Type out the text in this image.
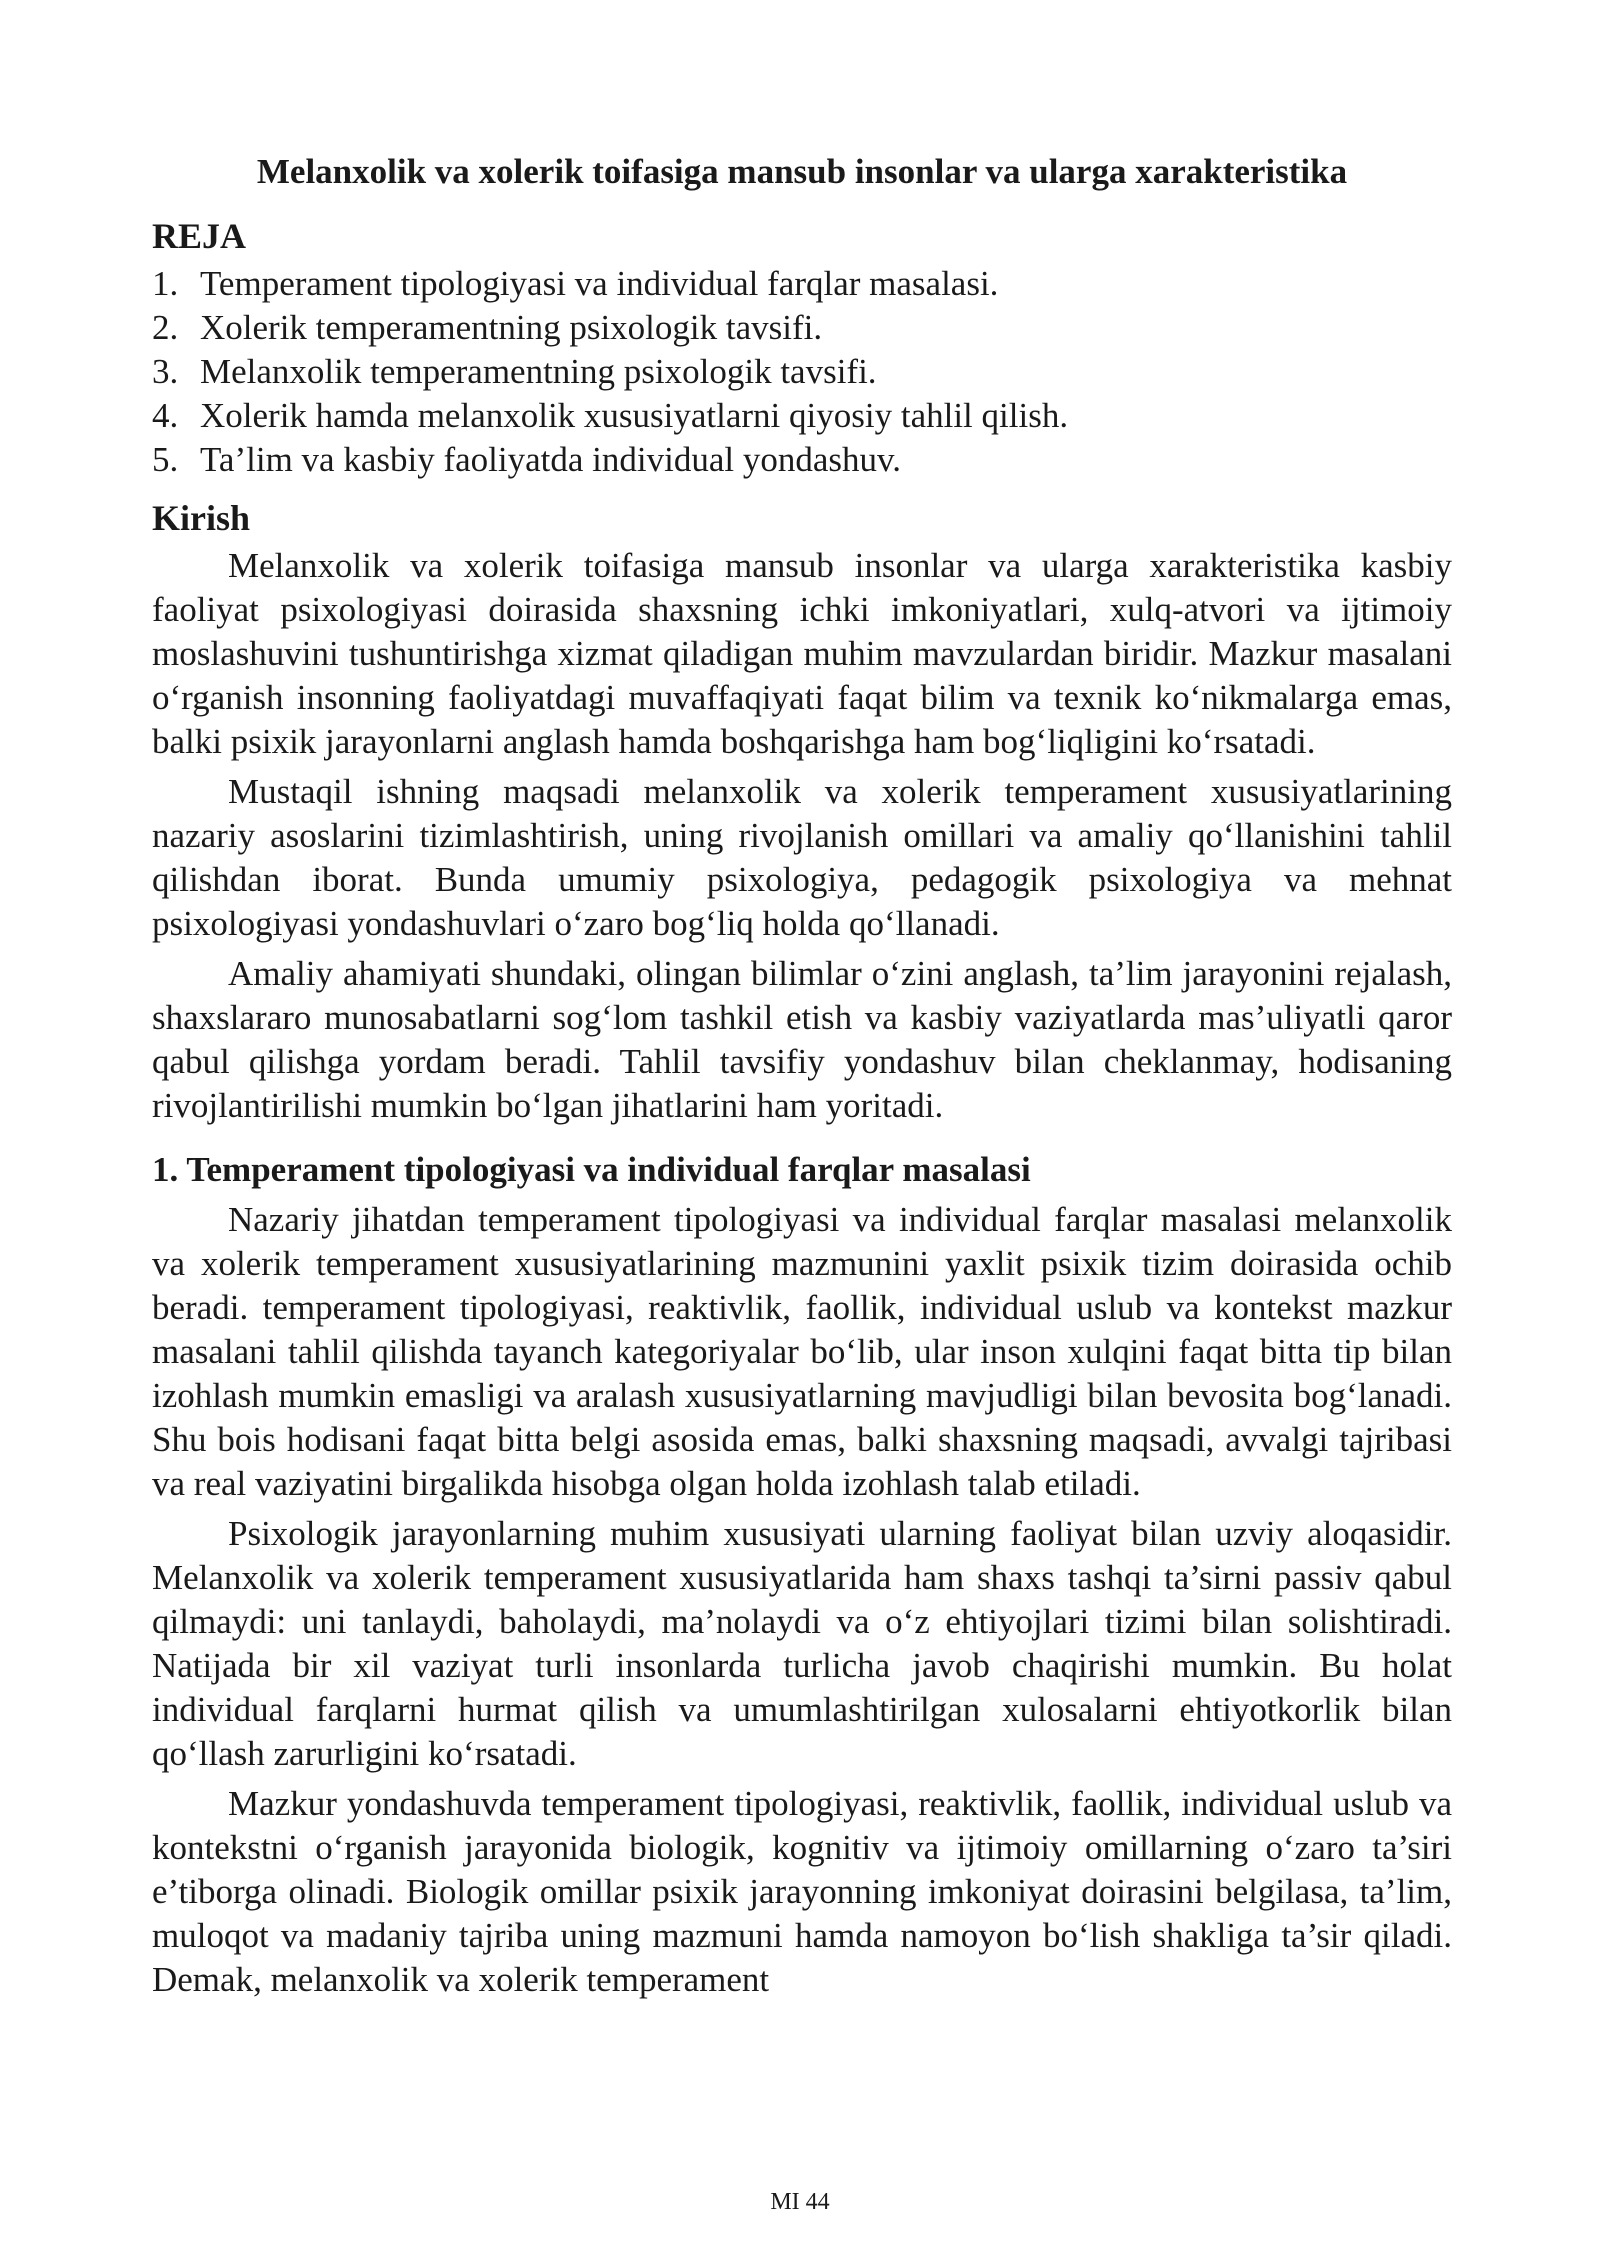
Melanxolik va xolerik toifasiga mansub insonlar va ularga xarakteristika
REJA
1. Temperament tipologiyasi va individual farqlar masalasi.
2. Xolerik temperamentning psixologik tavsifi.
3. Melanxolik temperamentning psixologik tavsifi.
4. Xolerik hamda melanxolik xususiyatlarni qiyosiy tahlil qilish.
5. Ta’lim va kasbiy faoliyatda individual yondashuv.
Kirish

Melanxolik va xolerik toifasiga mansub insonlar va ularga xarakteristika kasbiy faoliyat psixologiyasi doirasida shaxsning ichki imkoniyatlari, xulq-atvori va ijtimoiy moslashuvini tushuntirishga xizmat qiladigan muhim mavzulardan biridir. Mazkur masalani o‘rganish insonning faoliyatdagi muvaffaqiyati faqat bilim va texnik ko‘nikmalarga emas, balki psixik jarayonlarni anglash hamda boshqarishga ham bog‘liqligini ko‘rsatadi.

Mustaqil ishning maqsadi melanxolik va xolerik temperament xususiyatlarining nazariy asoslarini tizimlashtirish, uning rivojlanish omillari va amaliy qo‘llanishini tahlil qilishdan iborat. Bunda umumiy psixologiya, pedagogik psixologiya va mehnat psixologiyasi yondashuvlari o‘zaro bog‘liq holda qo‘llanadi.

Amaliy ahamiyati shundaki, olingan bilimlar o‘zini anglash, ta’lim jarayonini rejalash, shaxslararo munosabatlarni sog‘lom tashkil etish va kasbiy vaziyatlarda mas’uliyatli qaror qabul qilishga yordam beradi. Tahlil tavsifiy yondashuv bilan cheklanmay, hodisaning rivojlantirilishi mumkin bo‘lgan jihatlarini ham yoritadi.

1. Temperament tipologiyasi va individual farqlar masalasi

Nazariy jihatdan temperament tipologiyasi va individual farqlar masalasi melanxolik va xolerik temperament xususiyatlarining mazmunini yaxlit psixik tizim doirasida ochib beradi. temperament tipologiyasi, reaktivlik, faollik, individual uslub va kontekst mazkur masalani tahlil qilishda tayanch kategoriyalar bo‘lib, ular inson xulqini faqat bitta tip bilan izohlash mumkin emasligi va aralash xususiyatlarning mavjudligi bilan bevosita bog‘lanadi. Shu bois hodisani faqat bitta belgi asosida emas, balki shaxsning maqsadi, avvalgi tajribasi va real vaziyatini birgalikda hisobga olgan holda izohlash talab etiladi.

Psixologik jarayonlarning muhim xususiyati ularning faoliyat bilan uzviy aloqasidir. Melanxolik va xolerik temperament xususiyatlarida ham shaxs tashqi ta’sirni passiv qabul qilmaydi: uni tanlaydi, baholaydi, ma’nolaydi va o‘z ehtiyojlari tizimi bilan solishtiradi. Natijada bir xil vaziyat turli insonlarda turlicha javob chaqirishi mumkin. Bu holat individual farqlarni hurmat qilish va umumlashtirilgan xulosalarni ehtiyotkorlik bilan qo‘llash zarurligini ko‘rsatadi.

Mazkur yondashuvda temperament tipologiyasi, reaktivlik, faollik, individual uslub va kontekstni o‘rganish jarayonida biologik, kognitiv va ijtimoiy omillarning o‘zaro ta’siri e’tiborga olinadi. Biologik omillar psixik jarayonning imkoniyat doirasini belgilasa, ta’lim, muloqot va madaniy tajriba uning mazmuni hamda namoyon bo‘lish shakliga ta’sir qiladi. Demak, melanxolik va xolerik temperament

MI 44
